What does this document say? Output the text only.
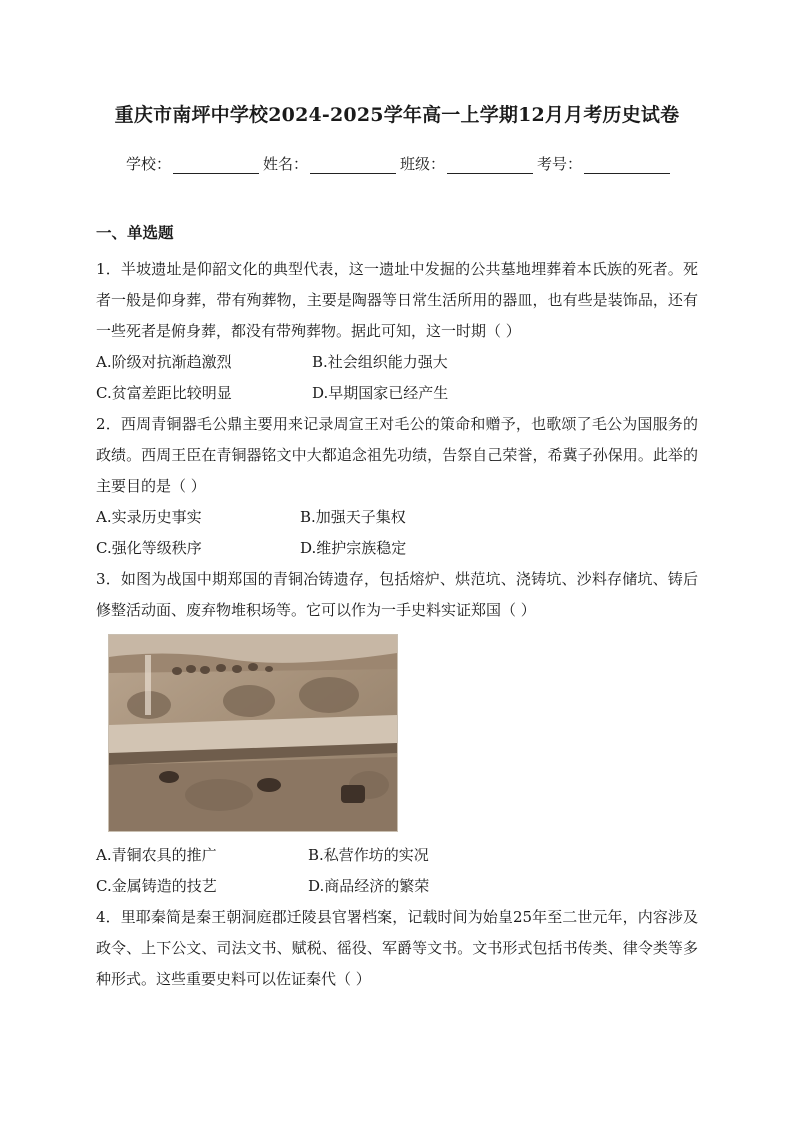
重庆市南坪中学校2024-2025学年高一上学期12月月考历史试卷
学校：	姓名：	班级：	考号：
一、单选题

1．半坡遗址是仰韶文化的典型代表，这一遗址中发掘的公共墓地埋葬着本氏族的死者。死者一般是仰身葬，带有殉葬物，主要是陶器等日常生活所用的器皿，也有些是装饰品，还有一些死者是俯身葬，都没有带殉葬物。据此可知，这一时期（ ）

A.阶级对抗渐趋激烈	B.社会组织能力强大
C.贫富差距比较明显	D.早期国家已经产生

2．西周青铜器毛公鼎主要用来记录周宣王对毛公的策命和赠予，也歌颂了毛公为国服务的政绩。西周王臣在青铜器铭文中大都追念祖先功绩，告祭自己荣誉，希冀子孙保用。此举的主要目的是（ ）

A.实录历史事实	B.加强天子集权
C.强化等级秩序	D.维护宗族稳定

3．如图为战国中期郑国的青铜冶铸遗存，包括熔炉、烘范坑、浇铸坑、沙料存储坑、铸后修整活动面、废弃物堆积场等。它可以作为一手史料实证郑国（ ）

A.青铜农具的推广	B.私营作坊的实况
C.金属铸造的技艺	D.商品经济的繁荣

4．里耶秦简是秦王朝洞庭郡迁陵县官署档案，记载时间为始皇25年至二世元年，内容涉及政令、上下公文、司法文书、赋税、徭役、军爵等文书。文书形式包括书传类、律令类等多种形式。这些重要史料可以佐证秦代（ ）
